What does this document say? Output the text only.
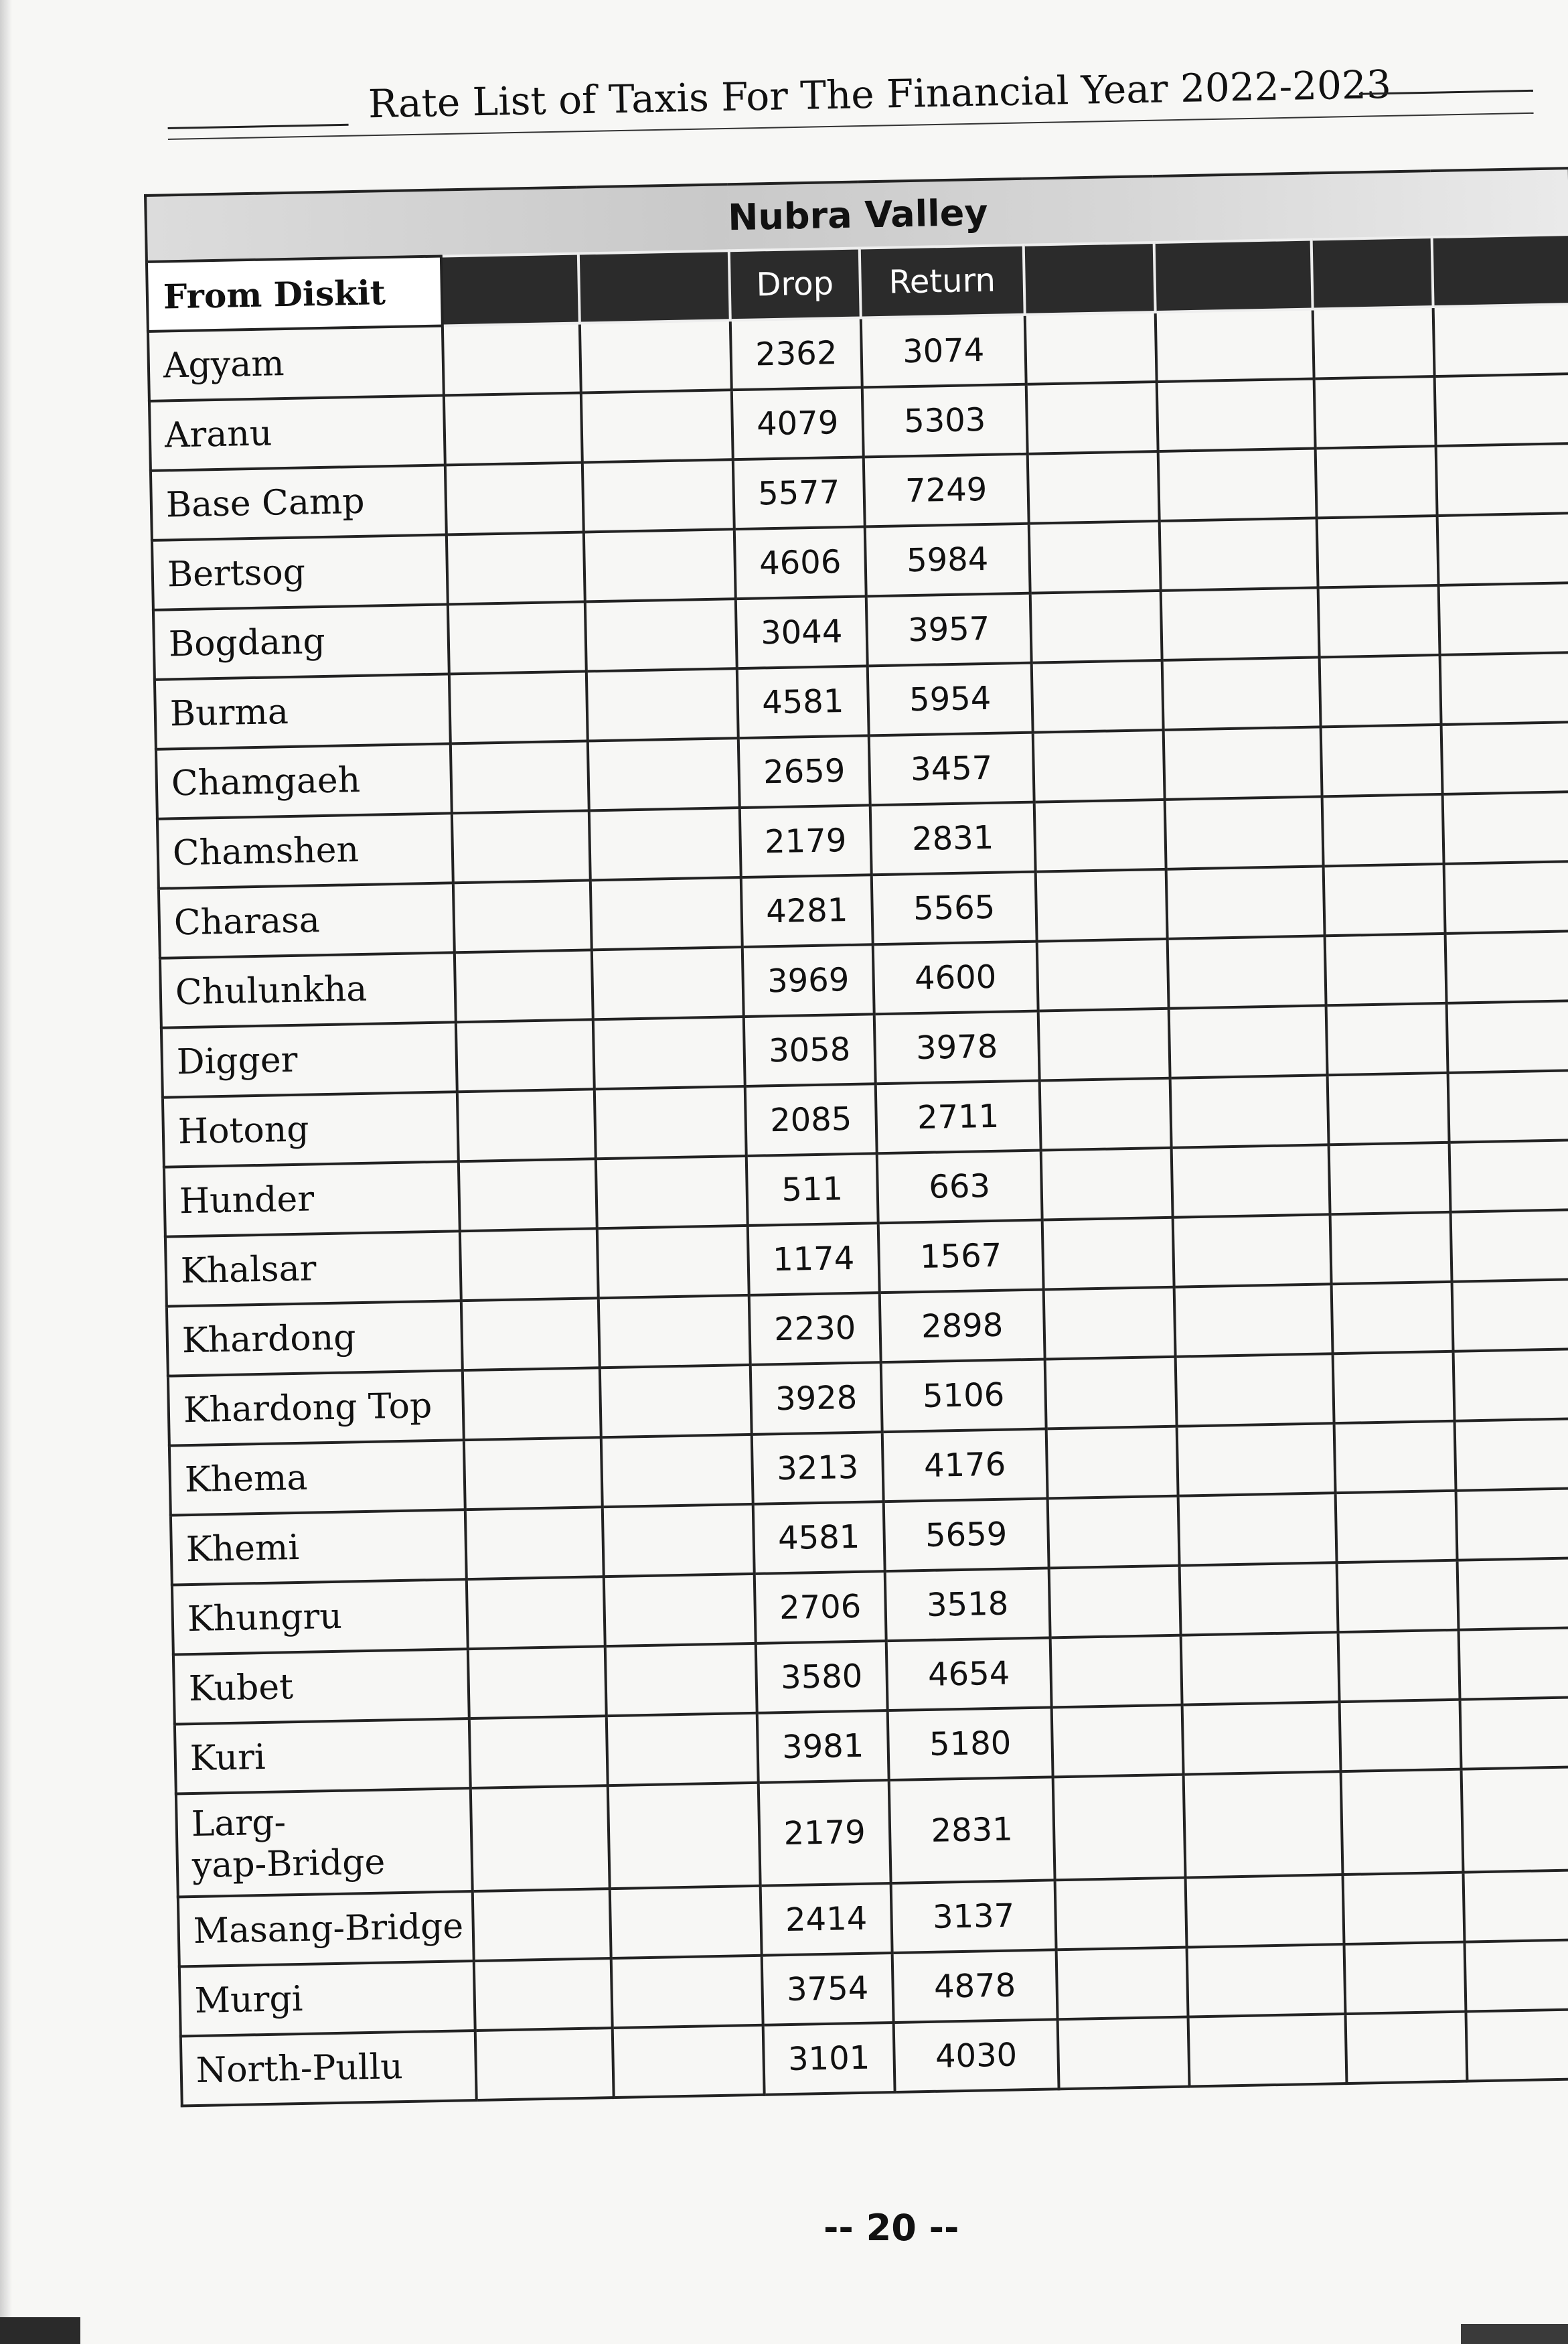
Rate List of Taxis For The Financial Year 2022-2023
Nubra Valley								
From Diskit			Drop	Return				
Agyam			2362	3074				
Aranu			4079	5303				
Base Camp			5577	7249				
Bertsog			4606	5984				
Bogdang			3044	3957				
Burma			4581	5954				
Chamgaeh			2659	3457				
Chamshen			2179	2831				
Charasa			4281	5565				
Chulunkha			3969	4600				
Digger			3058	3978				
Hotong			2085	2711				
Hunder			511	663				
Khalsar			1174	1567				
Khardong			2230	2898				
Khardong Top			3928	5106				
Khema			3213	4176				
Khemi			4581	5659				
Khungru			2706	3518				
Kubet			3580	4654				
Kuri			3981	5180				

Larg-
yap-Bridge			2179	2831				
Masang-Bridge			2414	3137				
Murgi			3754	4878				
North-Pullu			3101	4030				
-- 20 --
